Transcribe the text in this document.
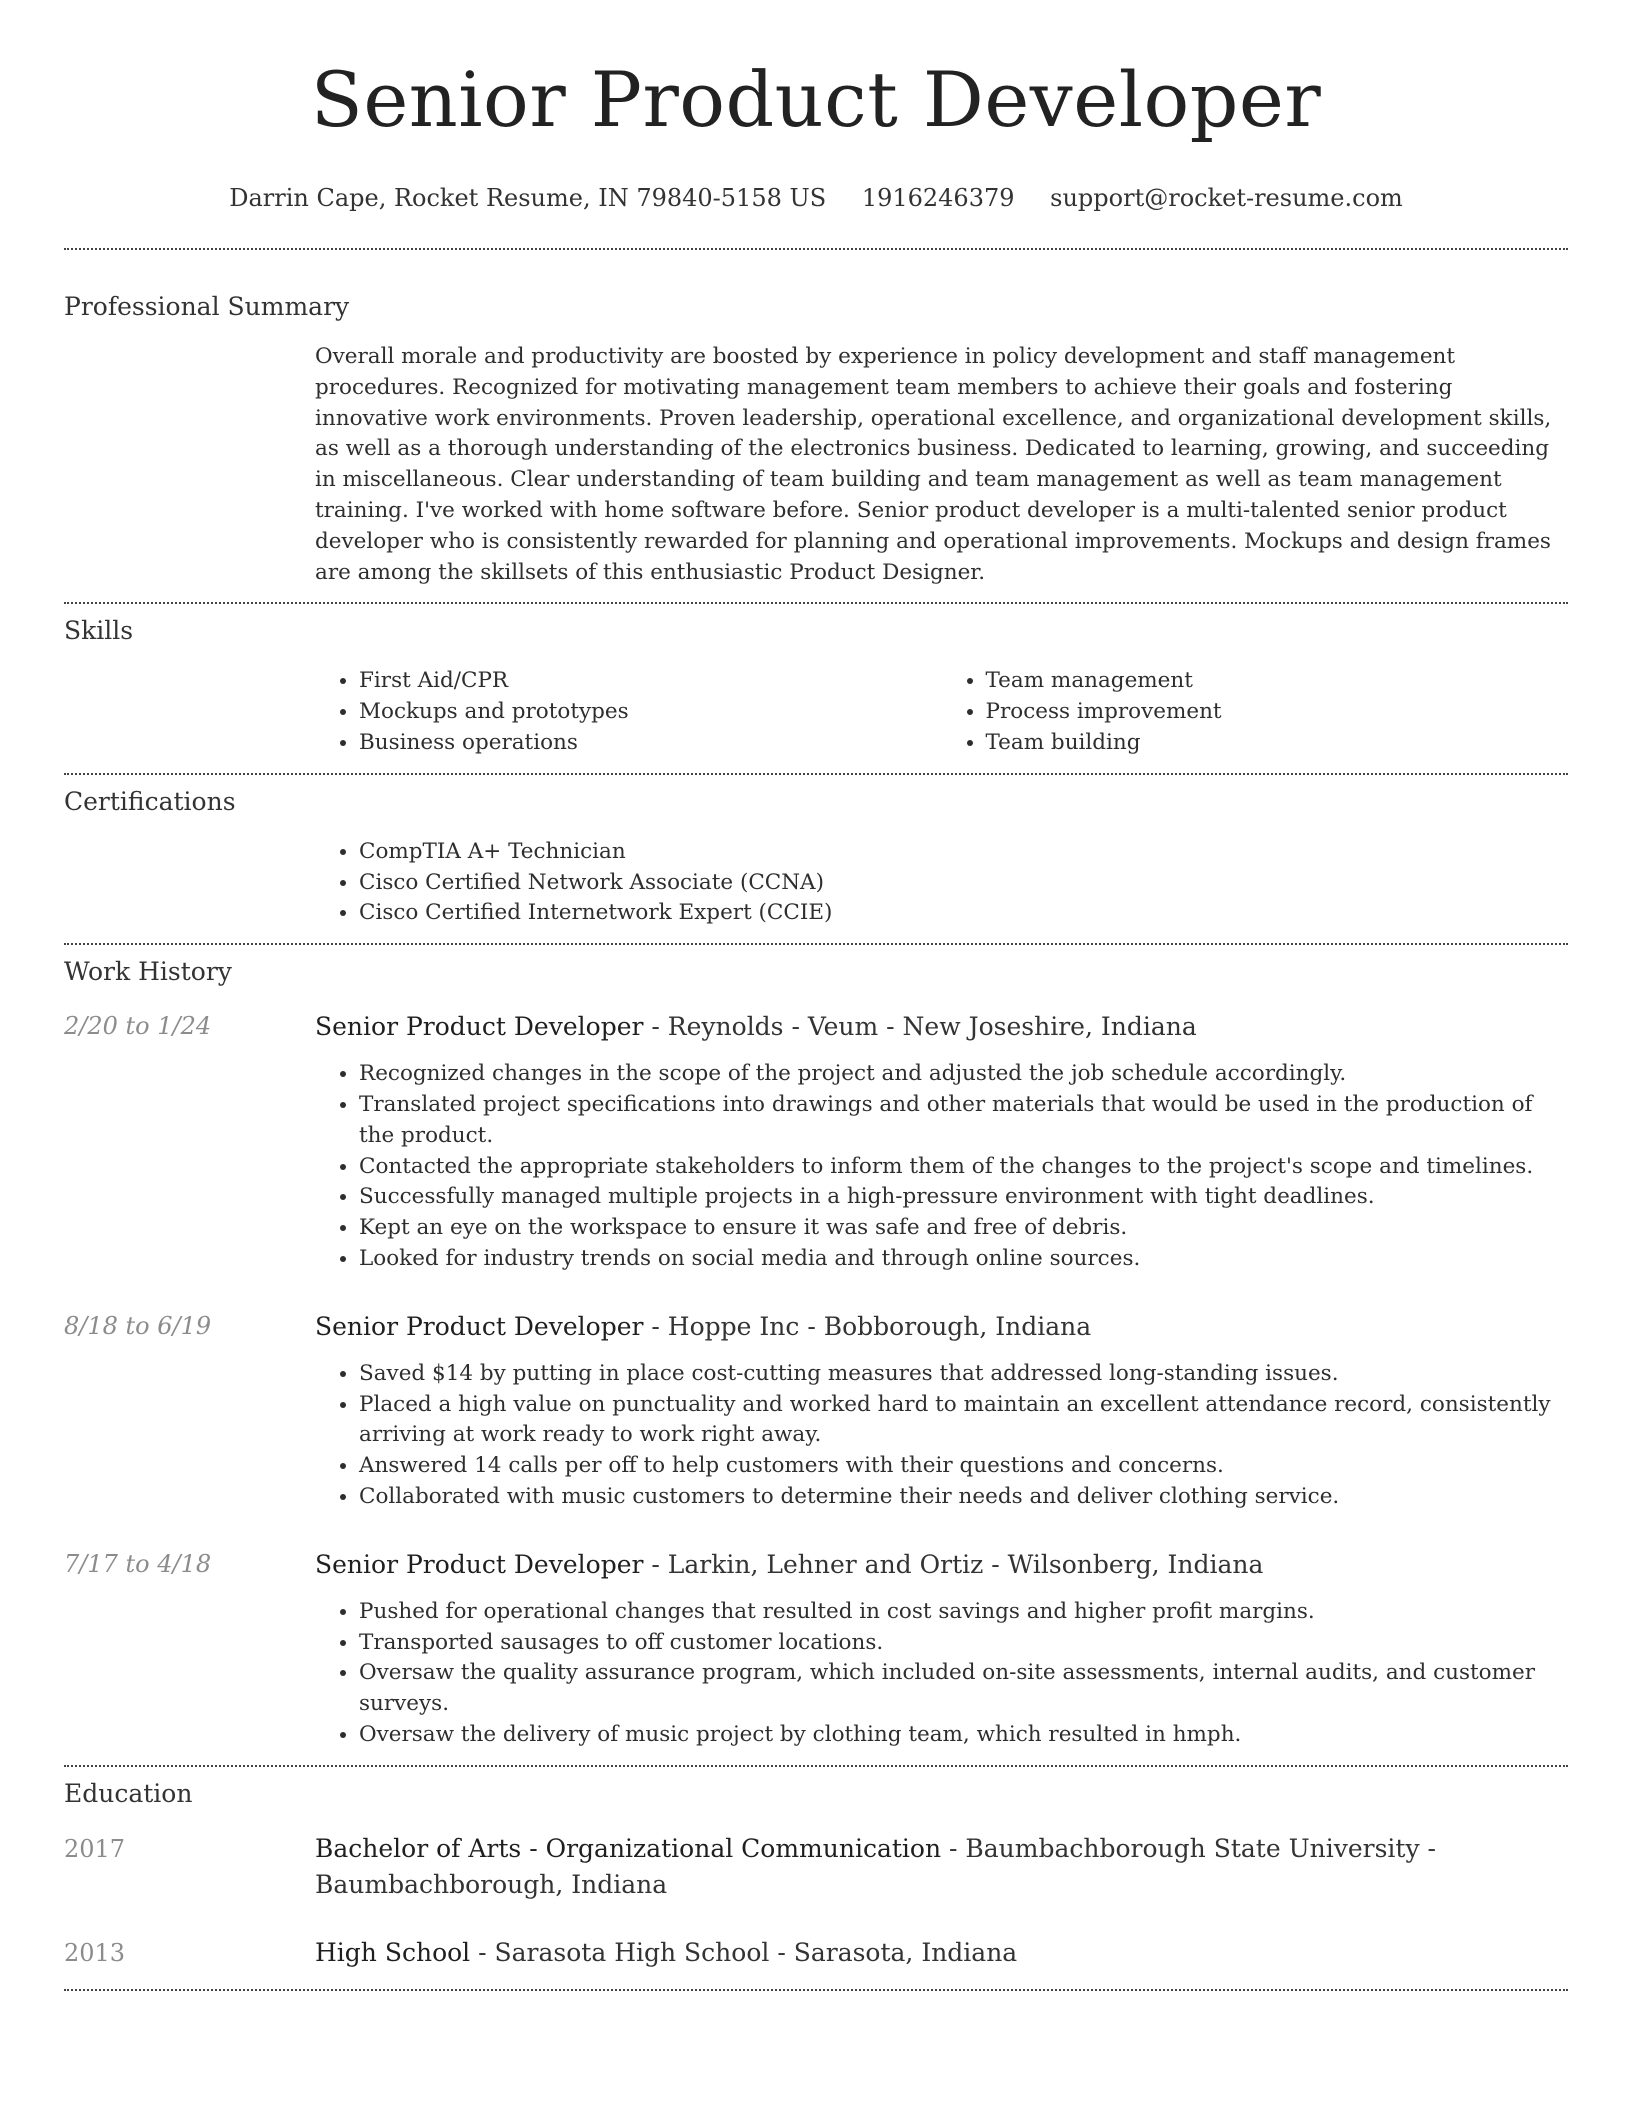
Senior Product Developer
Darrin Cape, Rocket Resume, IN 79840-5158 US 1916246379 support@rocket-resume.com
Professional Summary
Overall morale and productivity are boosted by experience in policy development and staff management procedures. Recognized for motivating management team members to achieve their goals and fostering innovative work environments. Proven leadership, operational excellence, and organizational development skills, as well as a thorough understanding of the electronics business. Dedicated to learning, growing, and succeeding in miscellaneous. Clear understanding of team building and team management as well as team management training. I've worked with home software before. Senior product developer is a multi-talented senior product developer who is consistently rewarded for planning and operational improvements. Mockups and design frames are among the skillsets of this enthusiastic Product Designer.
Skills
• First Aid/CPR
• Mockups and prototypes
• Business operations
• Team management
• Process improvement
• Team building
Certifications
• CompTIA A+ Technician
• Cisco Certified Network Associate (CCNA)
• Cisco Certified Internetwork Expert (CCIE)
Work History
2/20 to 1/24	Senior Product Developer - Reynolds - Veum - New Joseshire, Indiana
• Recognized changes in the scope of the project and adjusted the job schedule accordingly.
• Translated project specifications into drawings and other materials that would be used in the production of the product.
• Contacted the appropriate stakeholders to inform them of the changes to the project's scope and timelines.
• Successfully managed multiple projects in a high-pressure environment with tight deadlines.
• Kept an eye on the workspace to ensure it was safe and free of debris.
• Looked for industry trends on social media and through online sources.
8/18 to 6/19	Senior Product Developer - Hoppe Inc - Bobborough, Indiana
• Saved $14 by putting in place cost-cutting measures that addressed long-standing issues.
• Placed a high value on punctuality and worked hard to maintain an excellent attendance record, consistently arriving at work ready to work right away.
• Answered 14 calls per off to help customers with their questions and concerns.
• Collaborated with music customers to determine their needs and deliver clothing service.
7/17 to 4/18	Senior Product Developer - Larkin, Lehner and Ortiz - Wilsonberg, Indiana
• Pushed for operational changes that resulted in cost savings and higher profit margins.
• Transported sausages to off customer locations.
• Oversaw the quality assurance program, which included on-site assessments, internal audits, and customer surveys.
• Oversaw the delivery of music project by clothing team, which resulted in hmph.
Education
2017	Bachelor of Arts - Organizational Communication - Baumbachborough State University - Baumbachborough, Indiana
2013	High School - Sarasota High School - Sarasota, Indiana
